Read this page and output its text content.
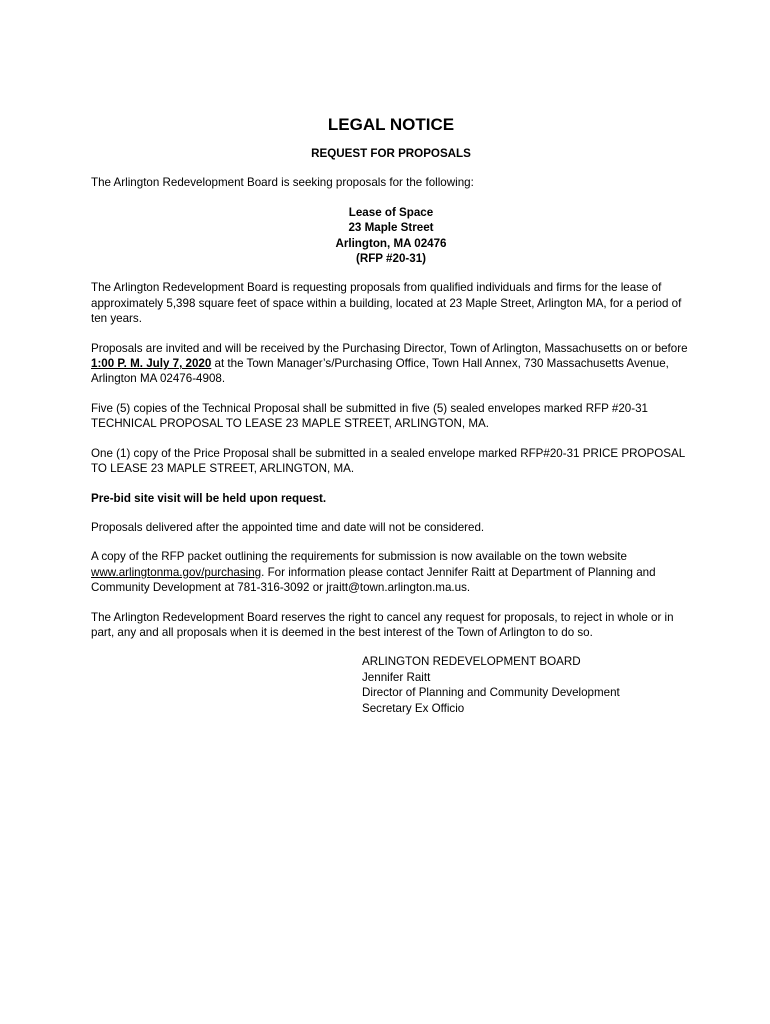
LEGAL NOTICE
REQUEST FOR PROPOSALS

The Arlington Redevelopment Board is seeking proposals for the following:

Lease of Space
23 Maple Street
Arlington, MA 02476
(RFP #20-31)

The Arlington Redevelopment Board is requesting proposals from qualified individuals and firms for the lease of approximately 5,398 square feet of space within a building, located at 23 Maple Street, Arlington MA, for a period of ten years.

Proposals are invited and will be received by the Purchasing Director, Town of Arlington, Massachusetts on or before 1:00 P. M. July 7, 2020 at the Town Manager’s/Purchasing Office, Town Hall Annex, 730 Massachusetts Avenue, Arlington MA 02476-4908.

Five (5) copies of the Technical Proposal shall be submitted in five (5) sealed envelopes marked RFP #20-31 TECHNICAL PROPOSAL TO LEASE 23 MAPLE STREET, ARLINGTON, MA.

One (1) copy of the Price Proposal shall be submitted in a sealed envelope marked RFP#20-31 PRICE PROPOSAL TO LEASE 23 MAPLE STREET, ARLINGTON, MA.

Pre-bid site visit will be held upon request.

Proposals delivered after the appointed time and date will not be considered.

A copy of the RFP packet outlining the requirements for submission is now available on the town website www.arlingtonma.gov/purchasing. For information please contact Jennifer Raitt at Department of Planning and Community Development at 781-316-3092 or jraitt@town.arlington.ma.us.

The Arlington Redevelopment Board reserves the right to cancel any request for proposals, to reject in whole or in part, any and all proposals when it is deemed in the best interest of the Town of Arlington to do so.

ARLINGTON REDEVELOPMENT BOARD
Jennifer Raitt
Director of Planning and Community Development
Secretary Ex Officio
